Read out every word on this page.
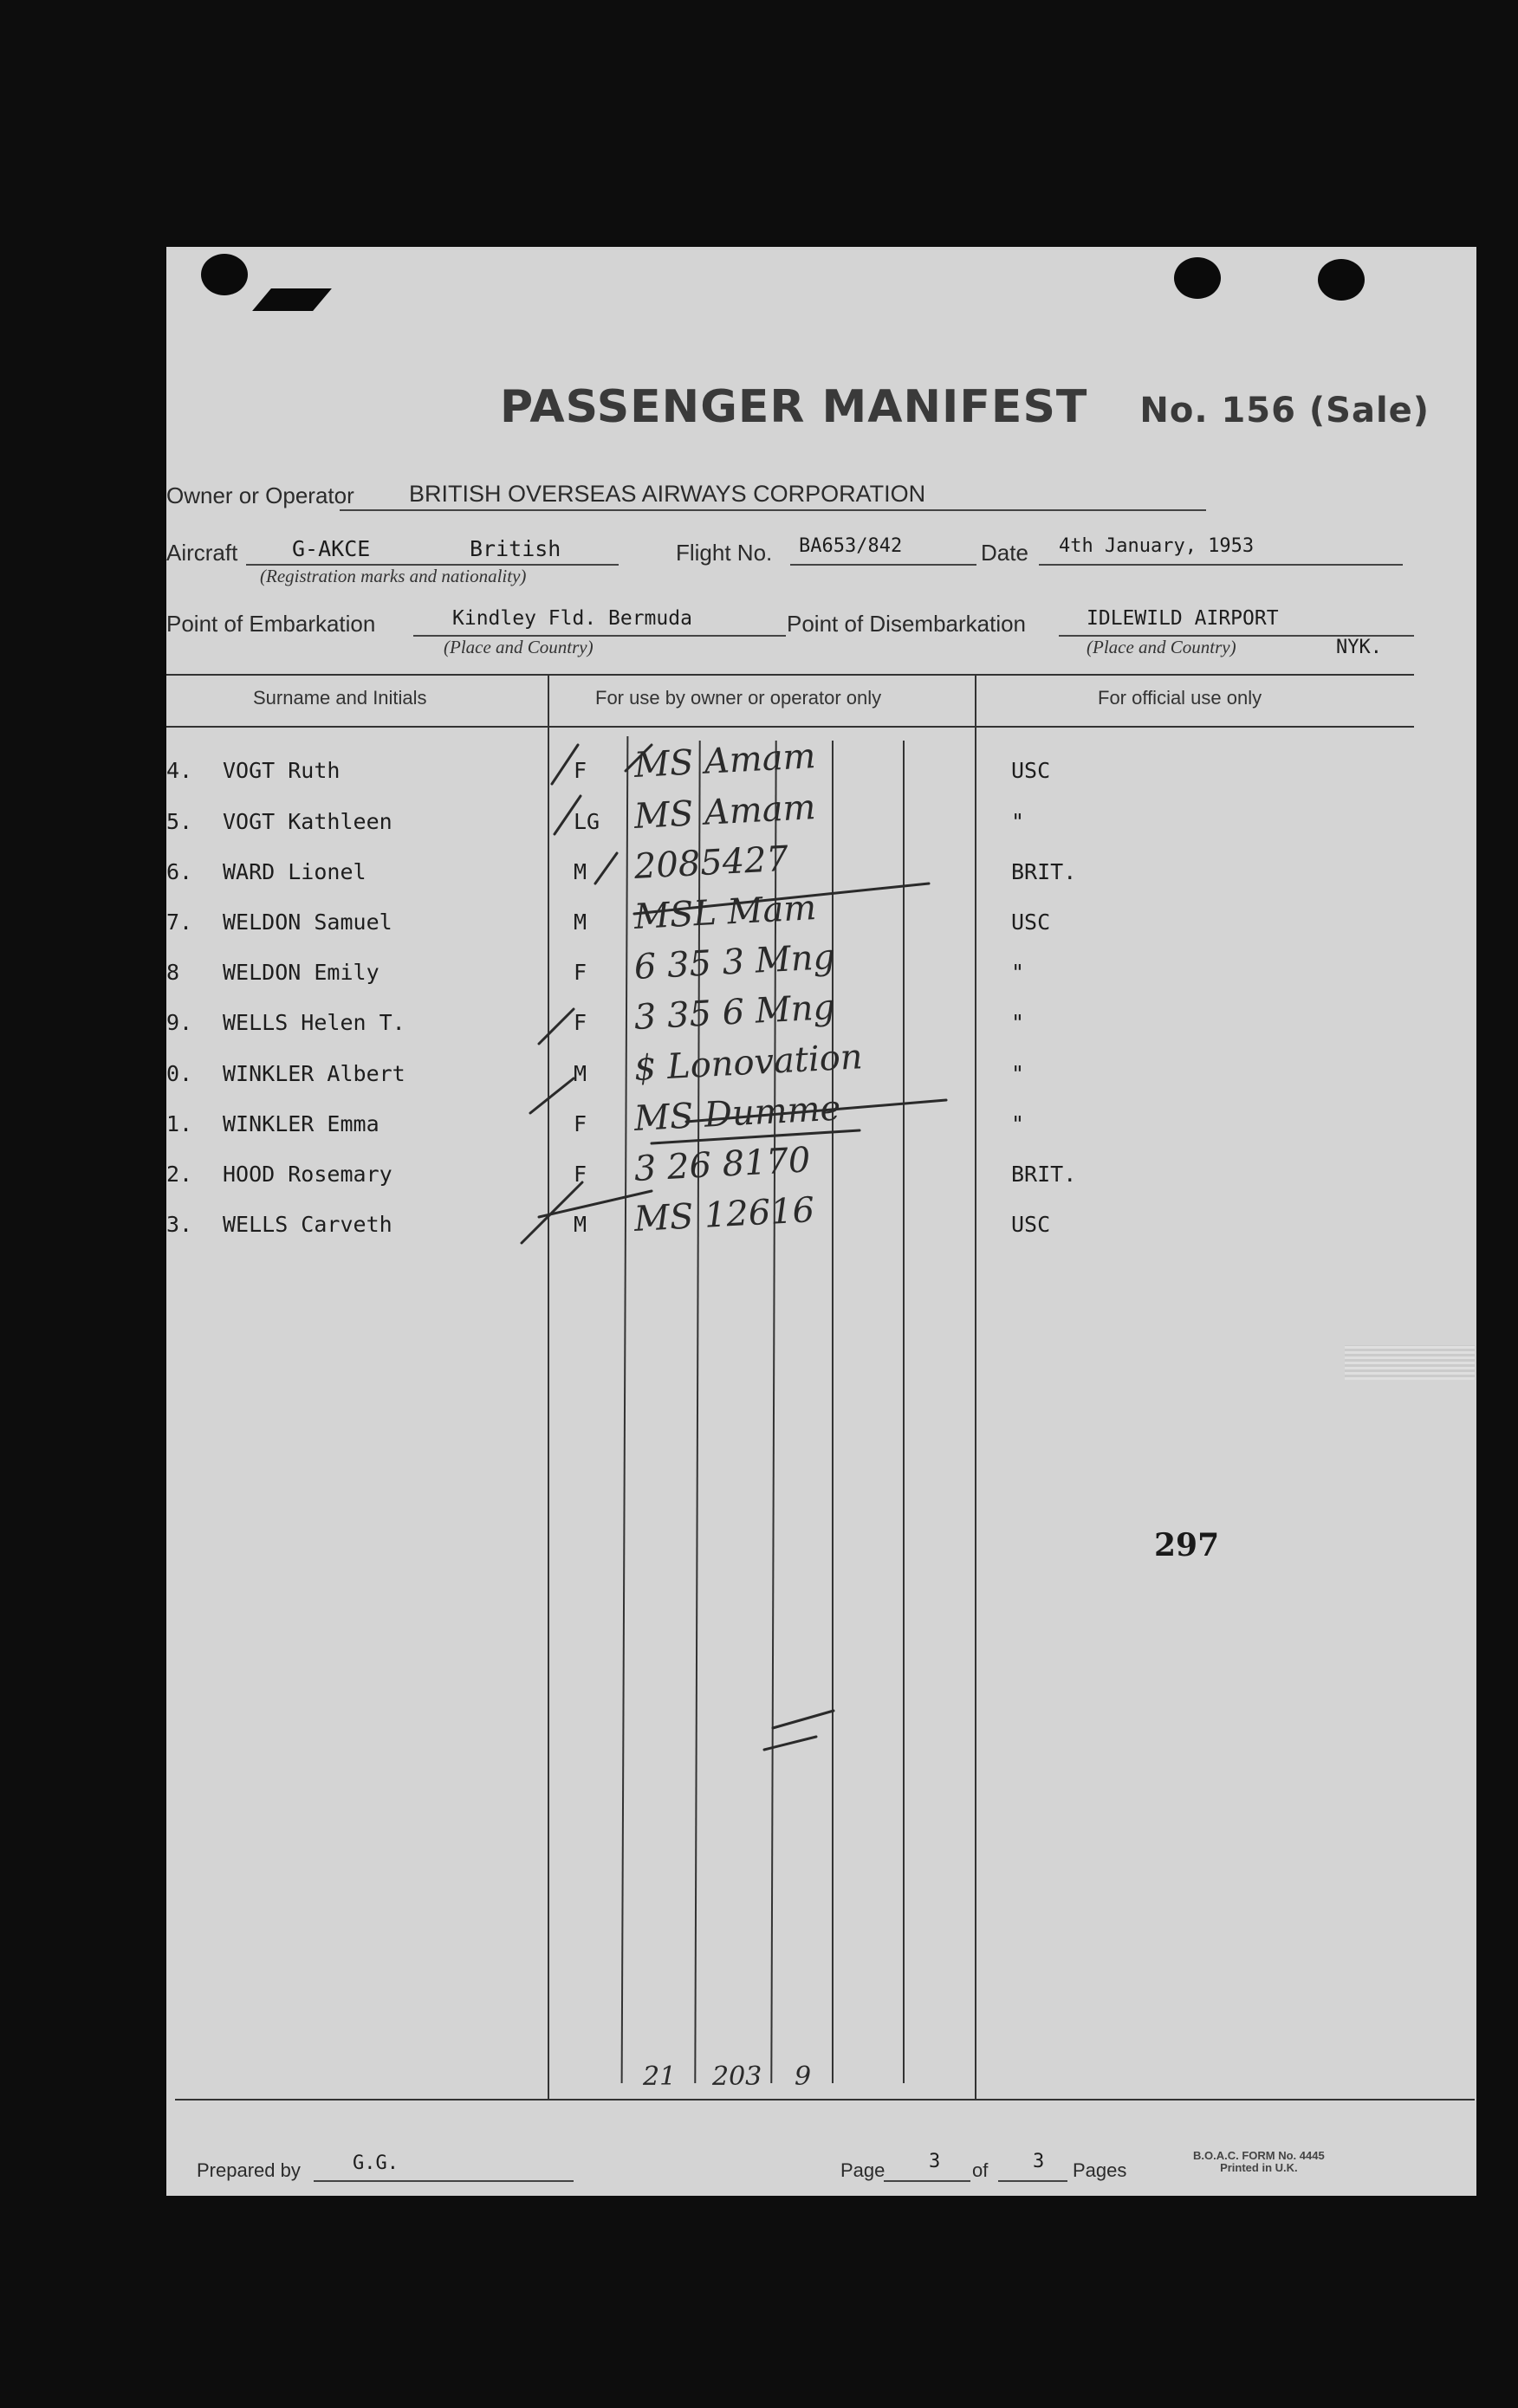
PASSENGER MANIFEST No. 156 (Sale)
Owner or Operator BRITISH OVERSEAS AIRWAYS CORPORATION
Aircraft	G-AKCE	British
(Registration marks and nationality)
Flight No. BA653/842	Date 4th January, 1953
Point of Embarkation	Kindley Fld. Bermuda
(Place and Country)
Point of Disembarkation	IDLEWILD AIRPORT
(Place and Country)	NYK.
Surname and Initials	For use by owner or operator only	For official use only
4. VOGT Ruth	F MS Amam	USC
5. VOGT Kathleen	LG MS Amam	"
6. WARD Lionel	M 2085427	BRIT.
7. WELDON Samuel	M MSL Mam	USC
8 WELDON Emily	F 6 35 3 Mng	"
9. WELLS Helen T.	F 3 35 6 Mng	"
0. WINKLER Albert	M $ Lonovation	"
1. WINKLER Emma	F MS Dumme	"
2. HOOD Rosemary	F 3 26 8170	BRIT.
3. WELLS Carveth	M MS 12616	USC
21 203 9
297
Prepared by	G.G.	Page 3 of 3 Pages
B.O.A.C. FORM No. 4445
Printed in U.K.
